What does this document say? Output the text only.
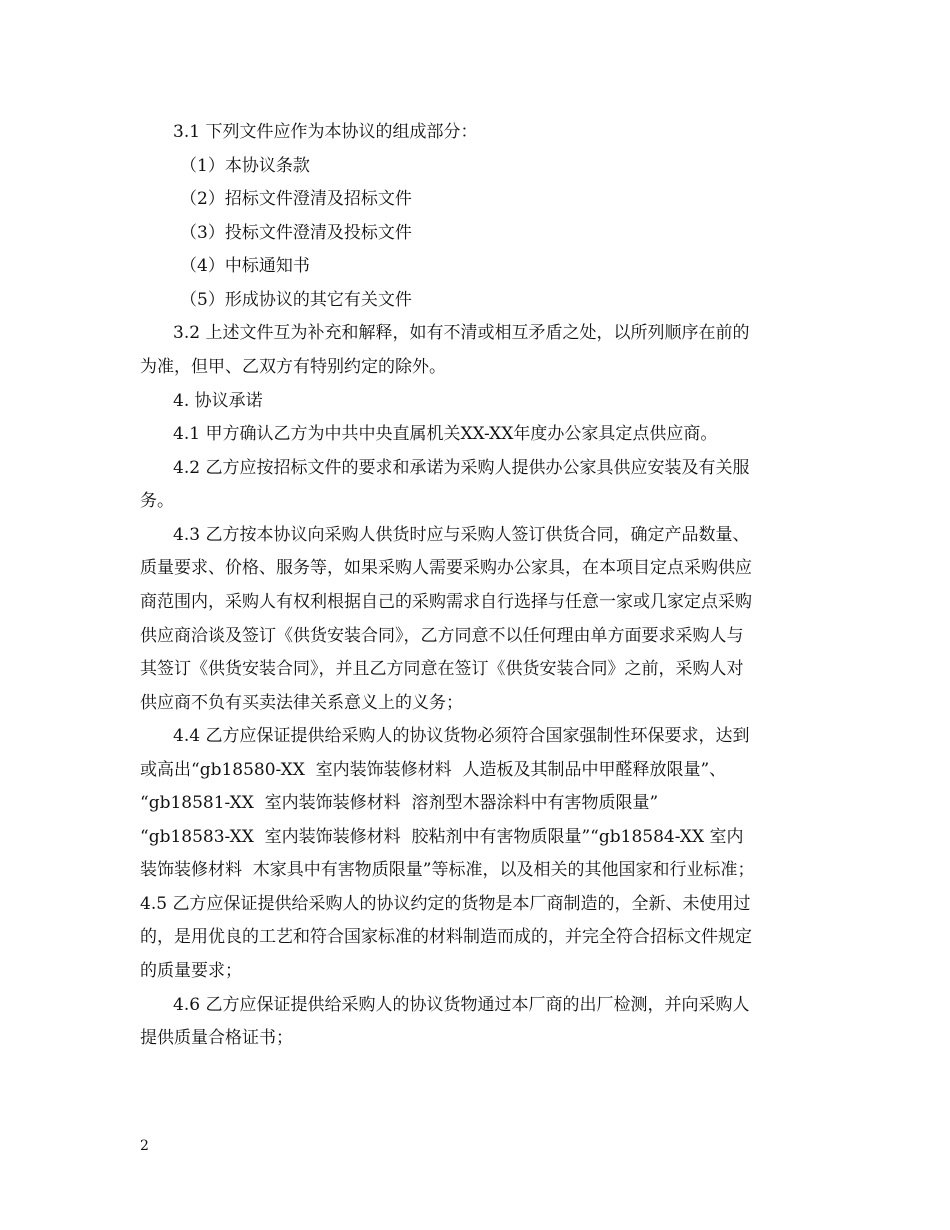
3.1 下列文件应作为本协议的组成部分：
（1）本协议条款
（2）招标文件澄清及招标文件
（3）投标文件澄清及投标文件
（4）中标通知书
（5）形成协议的其它有关文件
3.2 上述文件互为补充和解释，如有不清或相互矛盾之处，以所列顺序在前的
为准，但甲、乙双方有特别约定的除外。
4. 协议承诺
4.1 甲方确认乙方为中共中央直属机关XX-XX年度办公家具定点供应商。
4.2 乙方应按招标文件的要求和承诺为采购人提供办公家具供应安装及有关服
务。
4.3 乙方按本协议向采购人供货时应与采购人签订供货合同，确定产品数量、
质量要求、价格、服务等，如果采购人需要采购办公家具，在本项目定点采购供应
商范围内，采购人有权利根据自己的采购需求自行选择与任意一家或几家定点采购
供应商洽谈及签订《供货安装合同》，乙方同意不以任何理由单方面要求采购人与
其签订《供货安装合同》，并且乙方同意在签订《供货安装合同》之前，采购人对
供应商不负有买卖法律关系意义上的义务；
4.4 乙方应保证提供给采购人的协议货物必须符合国家强制性环保要求，达到
或高出“gb18580-XX  室内装饰装修材料  人造板及其制品中甲醛释放限量”、
“gb18581-XX  室内装饰装修材料  溶剂型木器涂料中有害物质限量”
“gb18583-XX  室内装饰装修材料  胶粘剂中有害物质限量”“gb18584-XX 室内
装饰装修材料  木家具中有害物质限量”等标准，以及相关的其他国家和行业标准；
4.5 乙方应保证提供给采购人的协议约定的货物是本厂商制造的，全新、未使用过
的，是用优良的工艺和符合国家标准的材料制造而成的，并完全符合招标文件规定
的质量要求；
4.6 乙方应保证提供给采购人的协议货物通过本厂商的出厂检测，并向采购人
提供质量合格证书；
2
